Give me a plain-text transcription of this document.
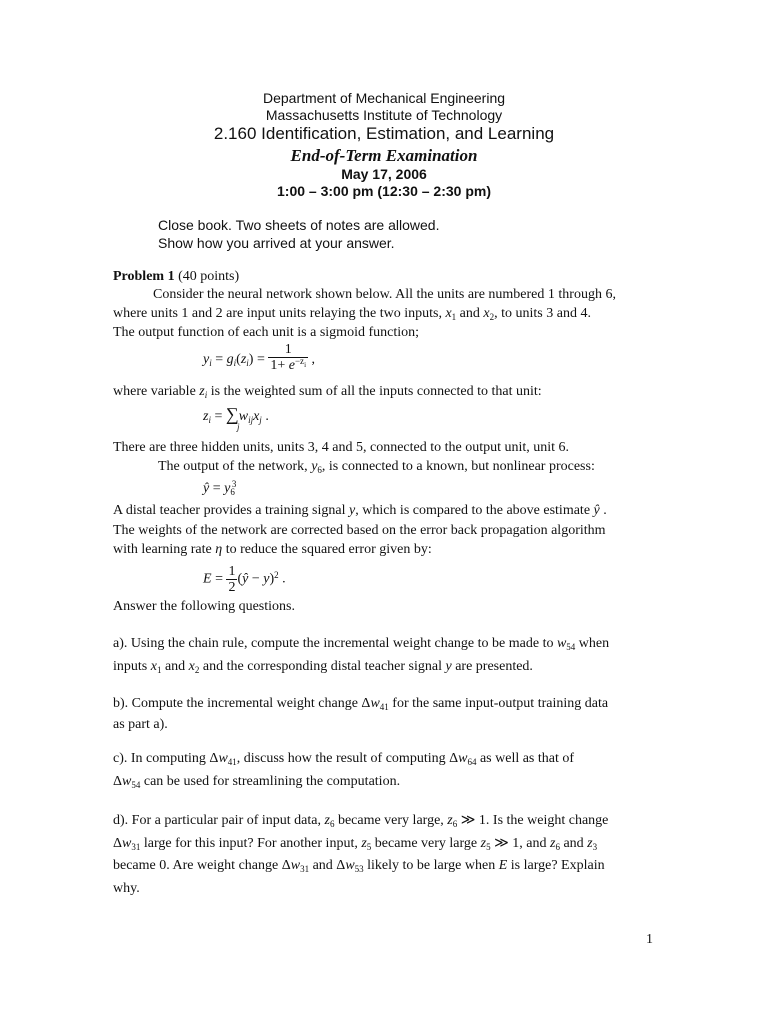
Department of Mechanical Engineering
Massachusetts Institute of Technology
2.160 Identification, Estimation, and Learning
End-of-Term Examination
May 17, 2006
1:00 – 3:00 pm (12:30 – 2:30 pm)
Close book. Two sheets of notes are allowed.
Show how you arrived at your answer.
Problem 1 (40 points)
Consider the neural network shown below. All the units are numbered 1 through 6,
where units 1 and 2 are input units relaying the two inputs, $x_1$ and $x_2$, to units 3 and 4.
The output function of each unit is a sigmoid function;
$y_i = g_i(z_i) = \frac{1}{1+ e^{-z_i}}$ ,
where variable $z_i$ is the weighted sum of all the inputs connected to that unit:
$z_i = \sum w_{ij}x_j$ .
j
There are three hidden units, units 3, 4 and 5, connected to the output unit, unit 6.
The output of the network, $y_6$, is connected to a known, but nonlinear process:
ŷ = $y_6^3$
A distal teacher provides a training signal y, which is compared to the above estimate ŷ .
The weights of the network are corrected based on the error back propagation algorithm
with learning rate η to reduce the squared error given by:
$E = \frac{1}{2}$ (ŷ − y)$^2$ .
Answer the following questions.
a). Using the chain rule, compute the incremental weight change to be made to $w_{54}$ when
inputs $x_1$ and $x_2$ and the corresponding distal teacher signal y are presented.
b). Compute the incremental weight change $\Delta w_{41}$ for the same input-output training data
as part a).
c). In computing $\Delta w_{41}$, discuss how the result of computing $\Delta w_{64}$ as well as that of
$\Delta w_{54}$ can be used for streamlining the computation.
d). For a particular pair of input data, $z_6$ became very large, $z_6$ ≫ 1. Is the weight change
$\Delta w_{31}$ large for this input? For another input, $z_5$ became very large $z_5$ ≫ 1, and $z_6$ and $z_3$
became 0. Are weight change $\Delta w_{31}$ and $\Delta w_{53}$ likely to be large when E is large? Explain
why.
1
